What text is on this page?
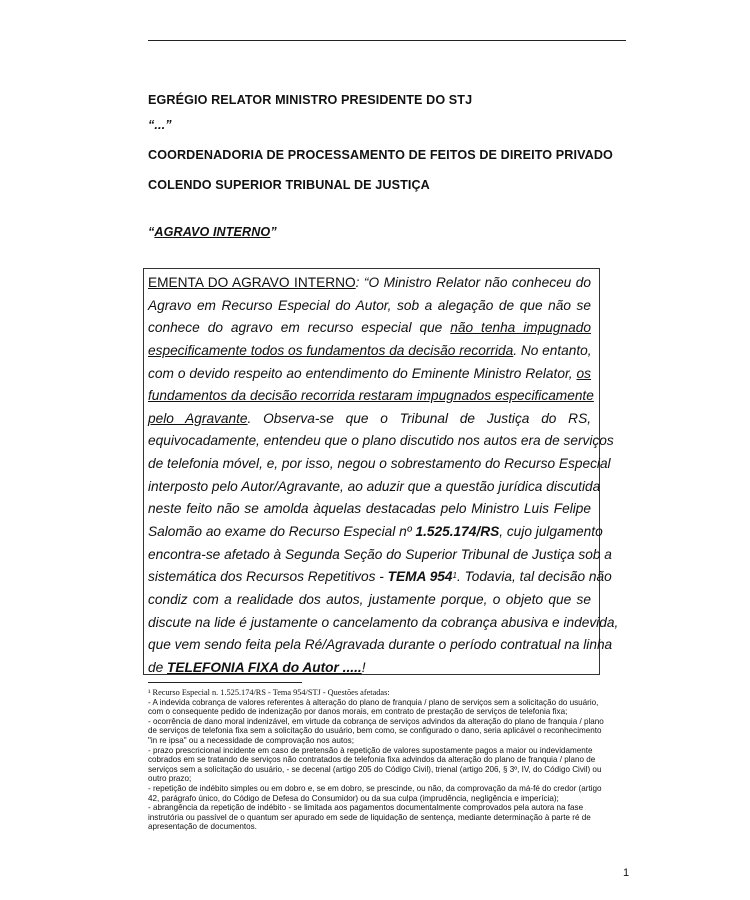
EGRÉGIO RELATOR MINISTRO PRESIDENTE DO STJ
“...”
COORDENADORIA DE PROCESSAMENTO DE FEITOS DE DIREITO PRIVADO
COLENDO SUPERIOR TRIBUNAL DE JUSTIÇA
“AGRAVO INTERNO”
EMENTA DO AGRAVO INTERNO: “O Ministro Relator não conheceu do
Agravo em Recurso Especial do Autor, sob a alegação de que não se
conhece do agravo em recurso especial que não tenha impugnado
especificamente todos os fundamentos da decisão recorrida. No entanto,
com o devido respeito ao entendimento do Eminente Ministro Relator, os
fundamentos da decisão recorrida restaram impugnados especificamente
pelo Agravante. Observa-se que o Tribunal de Justiça do RS,
equivocadamente, entendeu que o plano discutido nos autos era de serviços
de telefonia móvel, e, por isso, negou o sobrestamento do Recurso Especial
interposto pelo Autor/Agravante, ao aduzir que a questão jurídica discutida
neste feito não se amolda àquelas destacadas pelo Ministro Luis Felipe
Salomão ao exame do Recurso Especial nº 1.525.174/RS, cujo julgamento
encontra-se afetado à Segunda Seção do Superior Tribunal de Justiça sob a
sistemática dos Recursos Repetitivos - TEMA $954^1$. Todavia, tal decisão não
condiz com a realidade dos autos, justamente porque, o objeto que se
discute na lide é justamente o cancelamento da cobrança abusiva e indevida,
que vem sendo feita pela Ré/Agravada durante o período contratual na linha
de TELEFONIA FIXA do Autor .....!
¹ Recurso Especial n. 1.525.174/RS - Tema 954/STJ - Questões afetadas:
- A indevida cobrança de valores referentes à alteração do plano de franquia / plano de serviços sem a solicitação do usuário,
com o consequente pedido de indenização por danos morais, em contrato de prestação de serviços de telefonia fixa;
- ocorrência de dano moral indenizável, em virtude da cobrança de serviços advindos da alteração do plano de franquia / plano
de serviços de telefonia fixa sem a solicitação do usuário, bem como, se configurado o dano, seria aplicável o reconhecimento
"in re ipsa" ou a necessidade de comprovação nos autos;
- prazo prescricional incidente em caso de pretensão à repetição de valores supostamente pagos a maior ou indevidamente
cobrados em se tratando de serviços não contratados de telefonia fixa advindos da alteração do plano de franquia / plano de
serviços sem a solicitação do usuário, - se decenal (artigo 205 do Código Civil), trienal (artigo 206, § 3º, IV, do Código Civil) ou
outro prazo;
- repetição de indébito simples ou em dobro e, se em dobro, se prescinde, ou não, da comprovação da má-fé do credor (artigo
42, parágrafo único, do Código de Defesa do Consumidor) ou da sua culpa (imprudência, negligência e imperícia);
- abrangência da repetição de indébito - se limitada aos pagamentos documentalmente comprovados pela autora na fase
instrutória ou passível de o quantum ser apurado em sede de liquidação de sentença, mediante determinação à parte ré de
apresentação de documentos.
1
